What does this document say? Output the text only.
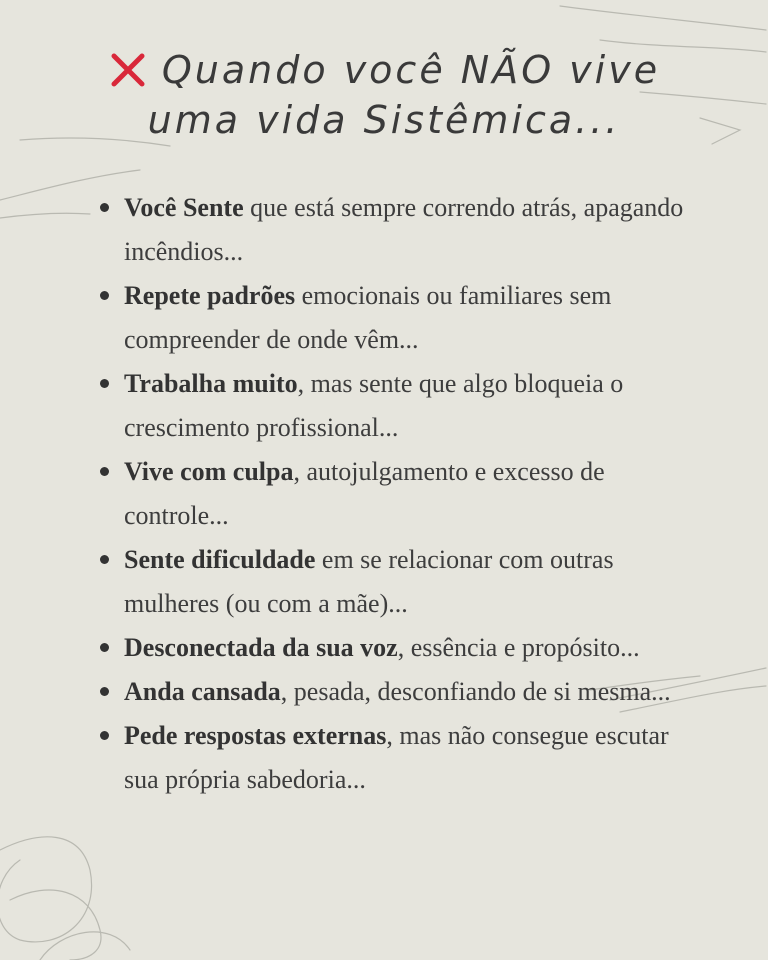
Quando você NÃO vive
uma vida Sistêmica...
Você Sente que está sempre correndo atrás, apagando incêndios...
Repete padrões emocionais ou familiares sem compreender de onde vêm...
Trabalha muito, mas sente que algo bloqueia o crescimento profissional...
Vive com culpa, autojulgamento e excesso de controle...
Sente dificuldade em se relacionar com outras mulheres (ou com a mãe)...
Desconectada da sua voz, essência e propósito...
Anda cansada, pesada, desconfiando de si mesma...
Pede respostas externas, mas não consegue escutar sua própria sabedoria...
